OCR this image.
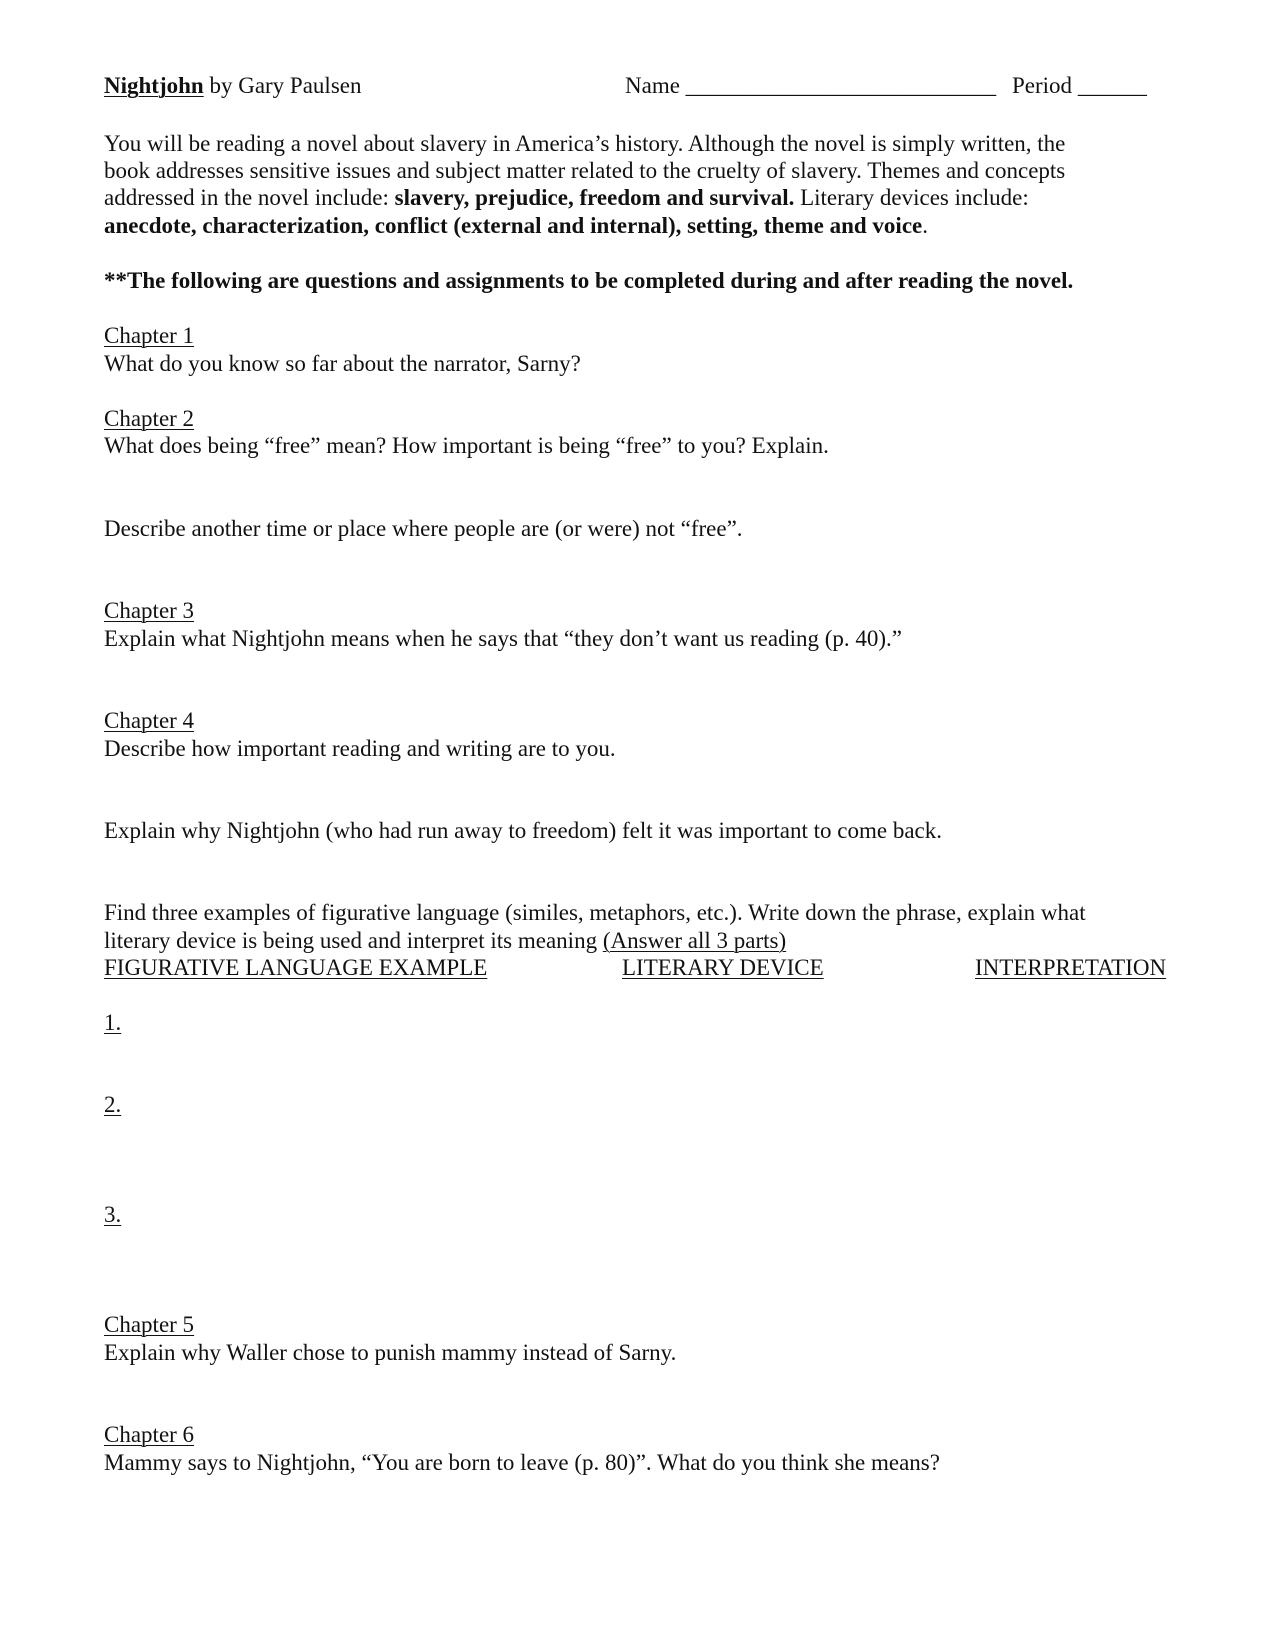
Nightjohn by Gary Paulsen	Name ___________________________ Period ______
You will be reading a novel about slavery in America’s history. Although the novel is simply written, the
book addresses sensitive issues and subject matter related to the cruelty of slavery. Themes and concepts
addressed in the novel include: slavery, prejudice, freedom and survival. Literary devices include:
anecdote, characterization, conflict (external and internal), setting, theme and voice.
**The following are questions and assignments to be completed during and after reading the novel.
Chapter 1
What do you know so far about the narrator, Sarny?
Chapter 2
What does being “free” mean? How important is being “free” to you? Explain.
Describe another time or place where people are (or were) not “free”.
Chapter 3
Explain what Nightjohn means when he says that “they don’t want us reading (p. 40).”
Chapter 4
Describe how important reading and writing are to you.
Explain why Nightjohn (who had run away to freedom) felt it was important to come back.
Find three examples of figurative language (similes, metaphors, etc.). Write down the phrase, explain what
literary device is being used and interpret its meaning (Answer all 3 parts)
FIGURATIVE LANGUAGE EXAMPLE	LITERARY DEVICE	INTERPRETATION
1.
2.
3.
Chapter 5
Explain why Waller chose to punish mammy instead of Sarny.
Chapter 6
Mammy says to Nightjohn, “You are born to leave (p. 80)”. What do you think she means?
